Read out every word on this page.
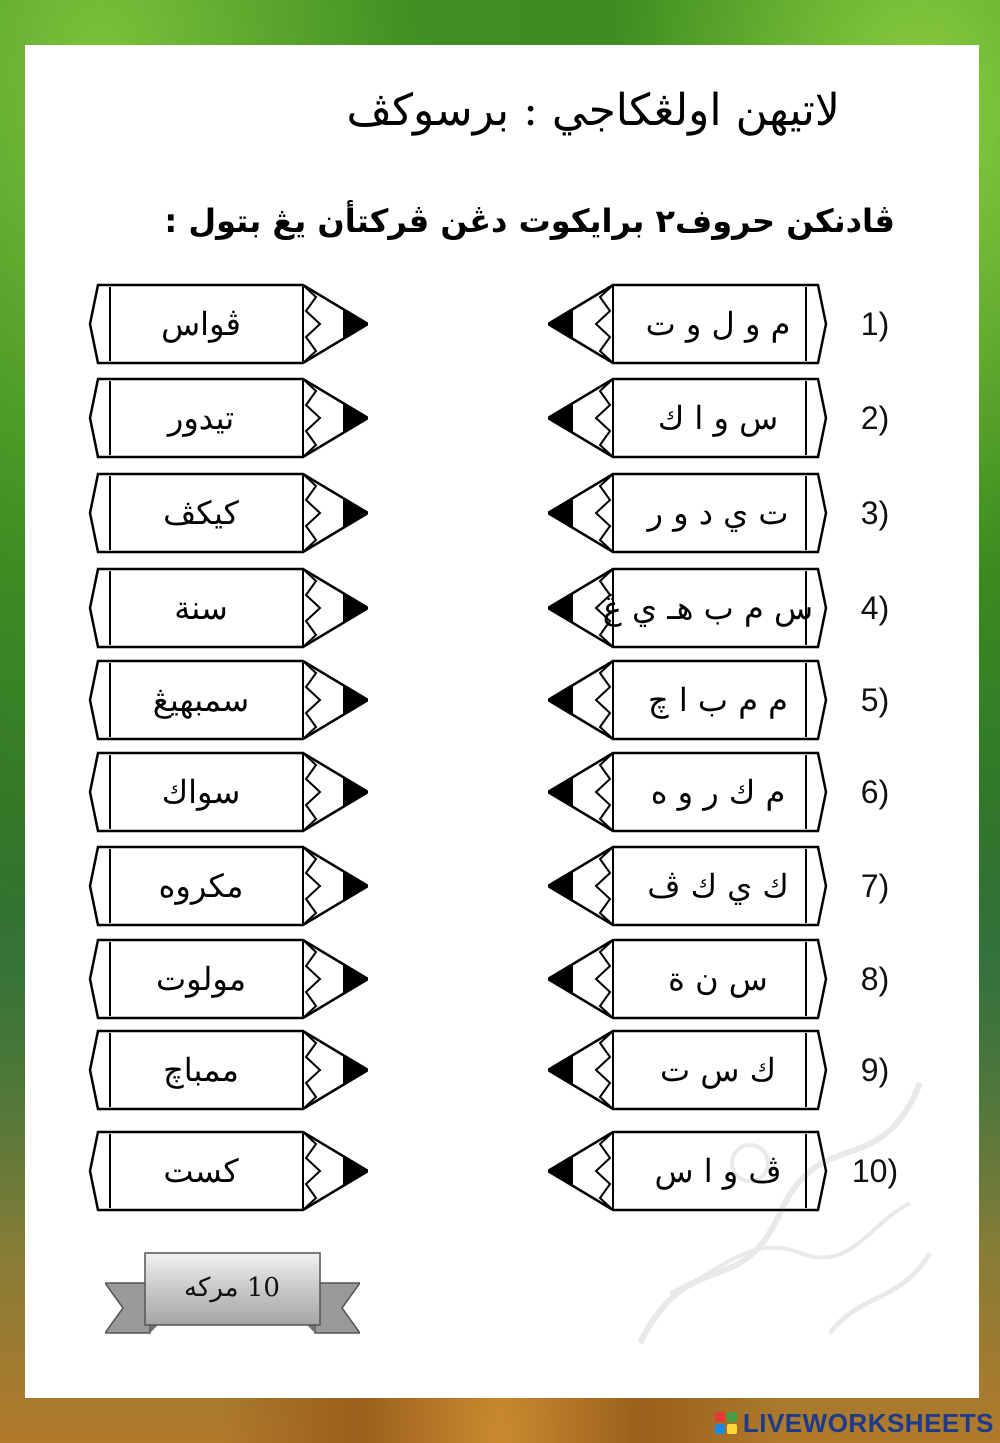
لاتيهن اولڠكاجي : برسوكڤ
ڤادنكن حروف٢ برايكوت دڠن ڤركتأن يڠ بتول :
ڤواس	م و ل و ت	1)
تيدور	س و ا ك	2)
كيكڤ	ت ي د و ر	3)
سنة	س م ب هـ ي ڠ	4)
سمبهيڠ	م م ب ا چ	5)
سواك	م ك ر و ه	6)
مكروه	ك ي ك ڤ	7)
مولوت	س ن ة	8)
ممباچ	ك س ت	9)
كست	ڤ و ا س	10)
10 مركه
LIVEWORKSHEETS
